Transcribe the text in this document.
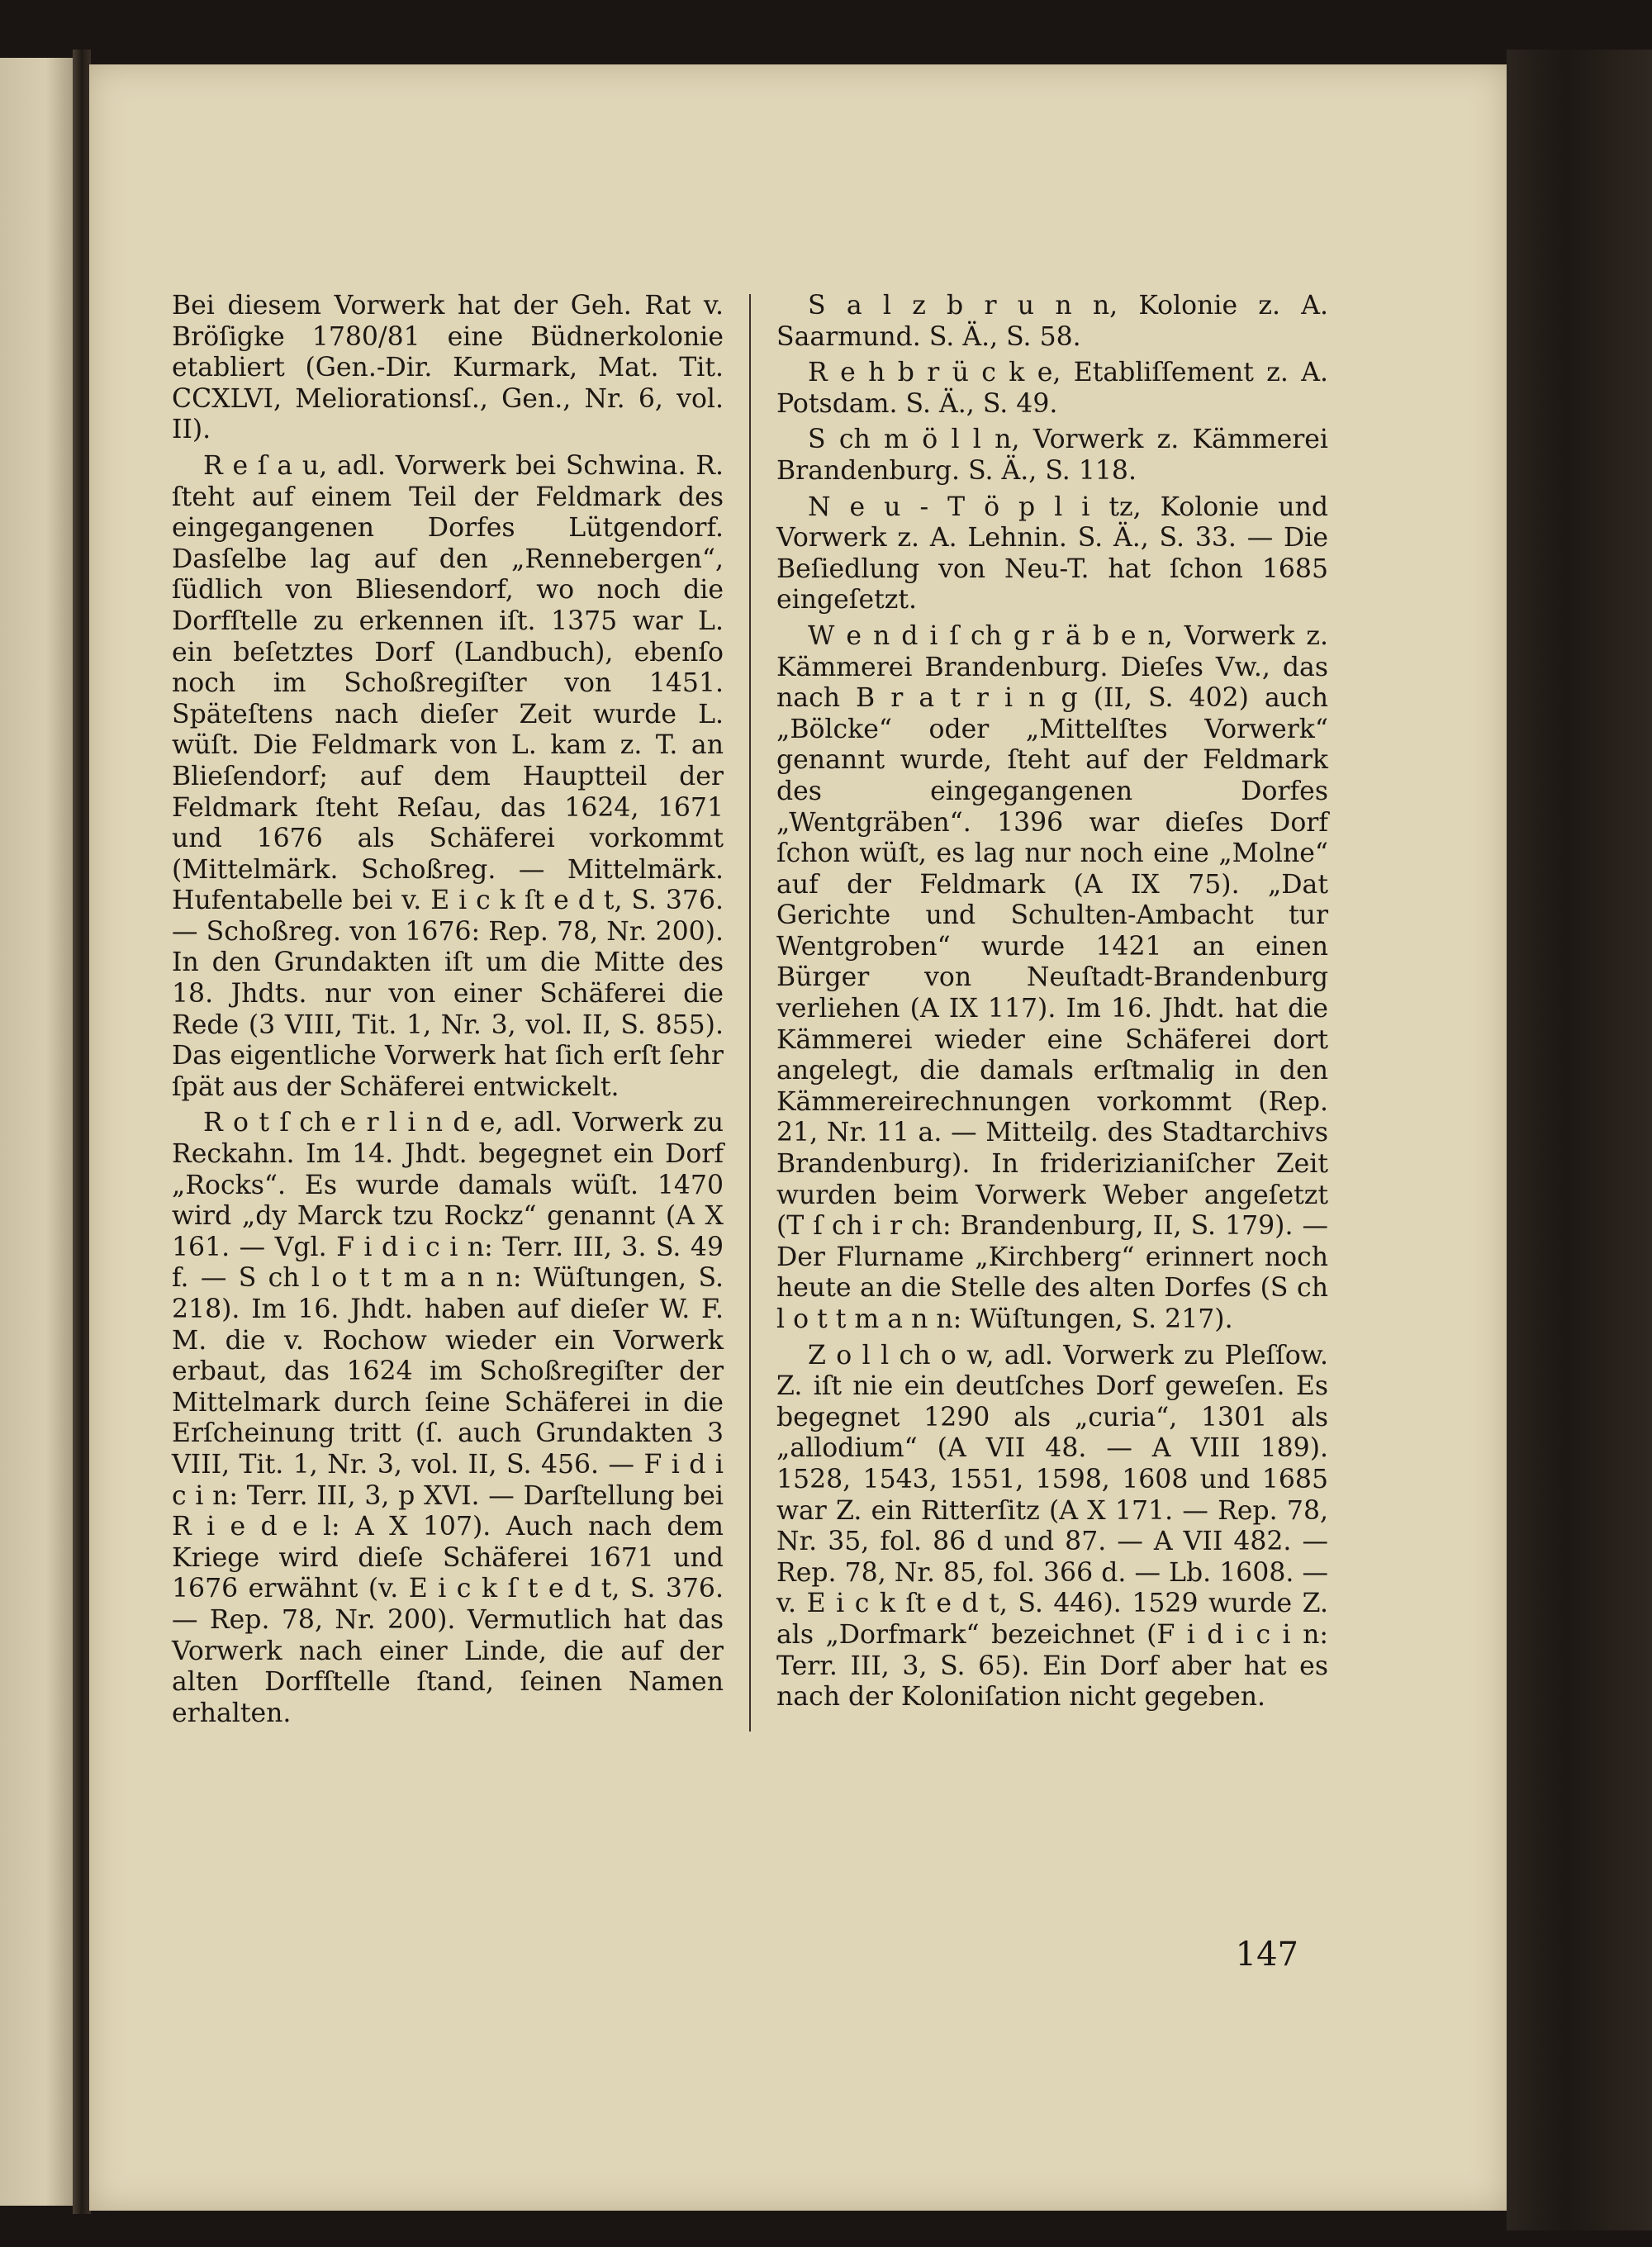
Bei diesem Vorwerk hat der Geh. Rat v. Bröſigke 1780/81 eine Büdnerkolonie etabliert (Gen.-Dir. Kurmark, Mat. Tit. CCXLVI, Meliorationsſ., Gen., Nr. 6, vol. II).

R e ſ a u, adl. Vorwerk bei Schwina. R. ſteht auf einem Teil der Feldmark des eingegangenen Dorfes Lütgendorf. Dasſelbe lag auf den „Rennebergen“, ſüdlich von Bliesendorf, wo noch die Dorfſtelle zu erkennen iſt. 1375 war L. ein beſetztes Dorf (Landbuch), ebenſo noch im Schoßregiſter von 1451. Späteſtens nach dieſer Zeit wurde L. wüſt. Die Feldmark von L. kam z. T. an Blieſendorf; auf dem Hauptteil der Feldmark ſteht Reſau, das 1624, 1671 und 1676 als Schäferei vorkommt (Mittelmärk. Schoßreg. — Mittelmärk. Hufentabelle bei v. E i c k ſt e d t, S. 376. — Schoßreg. von 1676: Rep. 78, Nr. 200). In den Grundakten iſt um die Mitte des 18. Jhdts. nur von einer Schäferei die Rede (3 VIII, Tit. 1, Nr. 3, vol. II, S. 855). Das eigentliche Vorwerk hat ſich erſt ſehr ſpät aus der Schäferei entwickelt.

R o t ſ ch e r l i n d e, adl. Vorwerk zu Reckahn. Im 14. Jhdt. begegnet ein Dorf „Rocks“. Es wurde damals wüſt. 1470 wird „dy Marck tzu Rockz“ genannt (A X 161. — Vgl. F i d i c i n: Terr. III, 3. S. 49 f. — S ch l o t t m a n n: Wüſtungen, S. 218). Im 16. Jhdt. haben auf dieſer W. F. M. die v. Rochow wieder ein Vorwerk erbaut, das 1624 im Schoßregiſter der Mittelmark durch ſeine Schäferei in die Erſcheinung tritt (ſ. auch Grundakten 3 VIII, Tit. 1, Nr. 3, vol. II, S. 456. — F i d i c i n: Terr. III, 3, p XVI. — Darſtellung bei R i e d e l: A X 107). Auch nach dem Kriege wird dieſe Schäferei 1671 und 1676 erwähnt (v. E i c k ſ t e d t, S. 376. — Rep. 78, Nr. 200). Vermutlich hat das Vorwerk nach einer Linde, die auf der alten Dorfſtelle ſtand, ſeinen Namen erhalten.

S a l z b r u n n, Kolonie z. A. Saarmund. S. Ä., S. 58.

R e h b r ü c k e, Etabliſſement z. A. Potsdam. S. Ä., S. 49.

S ch m ö l l n, Vorwerk z. Kämmerei Brandenburg. S. Ä., S. 118.

N e u - T ö p l i tz, Kolonie und Vorwerk z. A. Lehnin. S. Ä., S. 33. — Die Beſiedlung von Neu-T. hat ſchon 1685 eingeſetzt.

W e n d i ſ ch g r ä b e n, Vorwerk z. Kämmerei Brandenburg. Dieſes Vw., das nach B r a t r i n g (II, S. 402) auch „Bölcke“ oder „Mittelſtes Vorwerk“ genannt wurde, ſteht auf der Feldmark des eingegangenen Dorfes „Wentgräben“. 1396 war dieſes Dorf ſchon wüſt, es lag nur noch eine „Molne“ auf der Feldmark (A IX 75). „Dat Gerichte und Schulten-Ambacht tur Wentgroben“ wurde 1421 an einen Bürger von Neuſtadt-Brandenburg verliehen (A IX 117). Im 16. Jhdt. hat die Kämmerei wieder eine Schäferei dort angelegt, die damals erſtmalig in den Kämmereirechnungen vorkommt (Rep. 21, Nr. 11 a. — Mitteilg. des Stadtarchivs Brandenburg). In friderizianiſcher Zeit wurden beim Vorwerk Weber angeſetzt (T ſ ch i r ch: Brandenburg, II, S. 179). — Der Flurname „Kirchberg“ erinnert noch heute an die Stelle des alten Dorfes (S ch l o t t m a n n: Wüſtungen, S. 217).

Z o l l ch o w, adl. Vorwerk zu Pleſſow. Z. iſt nie ein deutſches Dorf geweſen. Es begegnet 1290 als „curia“, 1301 als „allodium“ (A VII 48. — A VIII 189). 1528, 1543, 1551, 1598, 1608 und 1685 war Z. ein Ritterſitz (A X 171. — Rep. 78, Nr. 35, fol. 86 d und 87. — A VII 482. — Rep. 78, Nr. 85, fol. 366 d. — Lb. 1608. — v. E i c k ſt e d t, S. 446). 1529 wurde Z. als „Dorfmark“ bezeichnet (F i d i c i n: Terr. III, 3, S. 65). Ein Dorf aber hat es nach der Koloniſation nicht gegeben.

147
